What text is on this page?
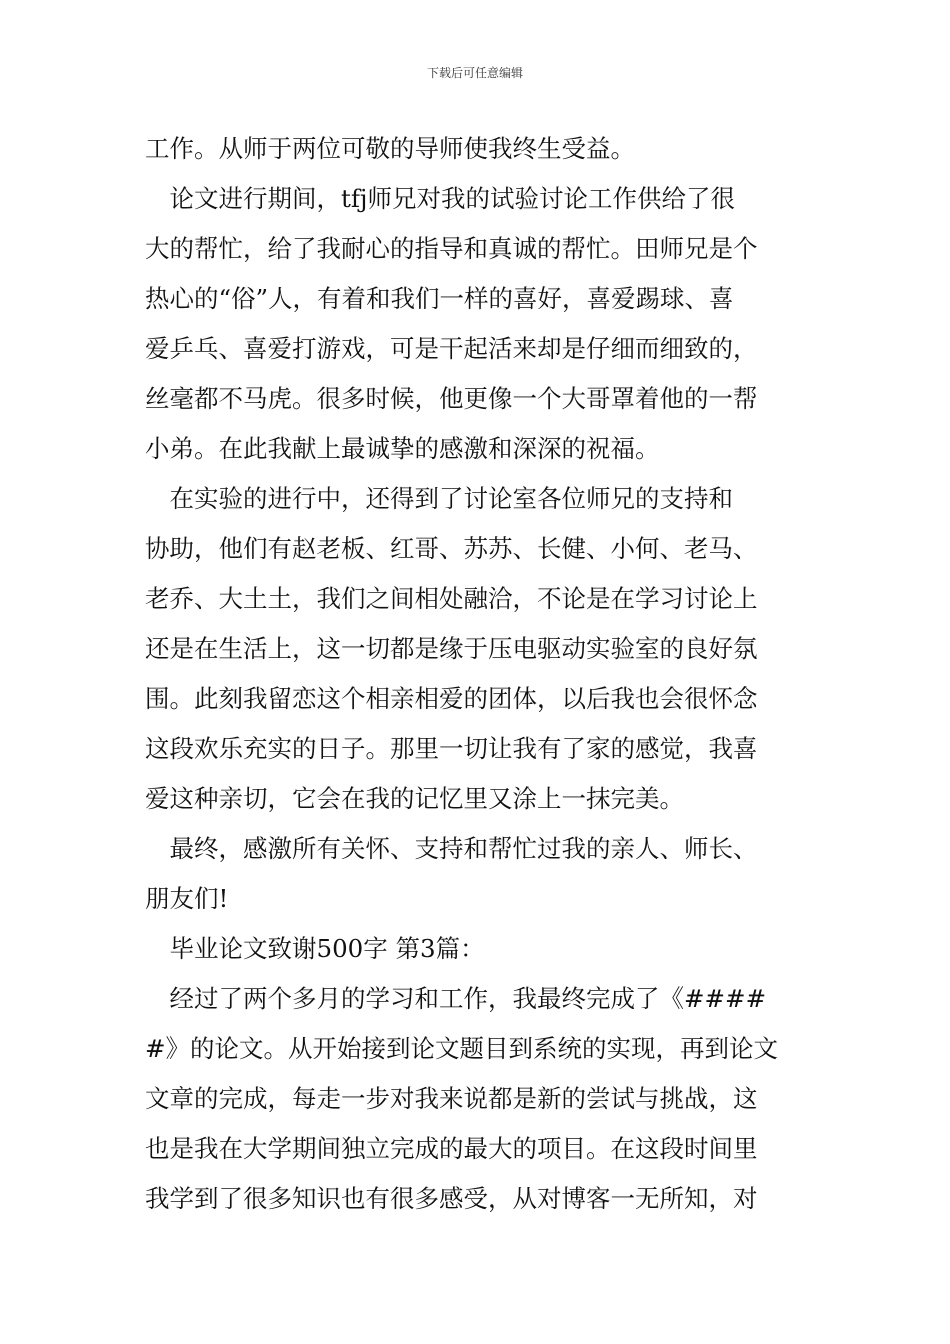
下载后可任意编辑
工作。从师于两位可敬的导师使我终生受益。
　论文进行期间，tfj师兄对我的试验讨论工作供给了很
大的帮忙，给了我耐心的指导和真诚的帮忙。田师兄是个
热心的“俗”人，有着和我们一样的喜好，喜爱踢球、喜
爱乒乓、喜爱打游戏，可是干起活来却是仔细而细致的，
丝毫都不马虎。很多时候，他更像一个大哥罩着他的一帮
小弟。在此我献上最诚挚的感激和深深的祝福。
　在实验的进行中，还得到了讨论室各位师兄的支持和
协助，他们有赵老板、红哥、苏苏、长健、小何、老马、
老乔、大土土，我们之间相处融洽，不论是在学习讨论上
还是在生活上，这一切都是缘于压电驱动实验室的良好氛
围。此刻我留恋这个相亲相爱的团体，以后我也会很怀念
这段欢乐充实的日子。那里一切让我有了家的感觉，我喜
爱这种亲切，它会在我的记忆里又涂上一抹完美。
　最终，感激所有关怀、支持和帮忙过我的亲人、师长、
朋友们!
　毕业论文致谢500字 第3篇：
　经过了两个多月的学习和工作，我最终完成了《####
#》的论文。从开始接到论文题目到系统的实现，再到论文
文章的完成，每走一步对我来说都是新的尝试与挑战，这
也是我在大学期间独立完成的最大的项目。在这段时间里
我学到了很多知识也有很多感受，从对博客一无所知，对
